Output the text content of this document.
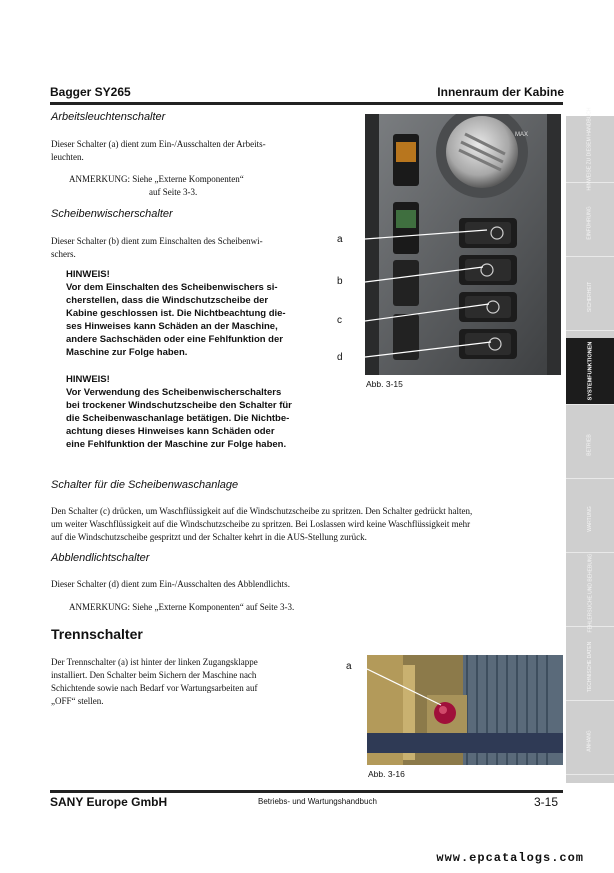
Bagger SY265	Innenraum der Kabine
Arbeitsleuchtenschalter
Dieser Schalter (a) dient zum Ein-/Ausschalten der Arbeits-
leuchten.
ANMERKUNG: Siehe „Externe Komponenten“
auf Seite 3-3.
Scheibenwischerschalter
Dieser Schalter (b) dient zum Einschalten des Scheibenwi-
schers.
HINWEIS!
Vor dem Einschalten des Scheibenwischers si-
cherstellen, dass die Windschutzscheibe der
Kabine geschlossen ist. Die Nichtbeachtung die-
ses Hinweises kann Schäden an der Maschine,
andere Sachschäden oder eine Fehlfunktion der
Maschine zur Folge haben.
HINWEIS!
Vor Verwendung des Scheibenwischerschalters
bei trockener Windschutzscheibe den Schalter für
die Scheibenwaschanlage betätigen. Die Nichtbe-
achtung dieses Hinweises kann Schäden oder
eine Fehlfunktion der Maschine zur Folge haben.
MAX
a
b
c
d
Abb. 3-15
Schalter für die Scheibenwaschanlage
Den Schalter (c) drücken, um Waschflüssigkeit auf die Windschutzscheibe zu spritzen. Den Schalter gedrückt halten,
um weiter Waschflüssigkeit auf die Windschutzscheibe zu spritzen. Bei Loslassen wird keine Waschflüssigkeit mehr
auf die Windschutzscheibe gespritzt und der Schalter kehrt in die AUS-Stellung zurück.
Abblendlichtschalter
Dieser Schalter (d) dient zum Ein-/Ausschalten des Abblendlichts.
ANMERKUNG: Siehe „Externe Komponenten“ auf Seite 3-3.
Trennschalter
Der Trennschalter (a) ist hinter der linken Zugangsklappe
installiert. Den Schalter beim Sichern der Maschine nach
Schichtende sowie nach Bedarf vor Wartungsarbeiten auf
„OFF“ stellen.
a
Abb. 3-16
HINWEISE ZU DIESEM HANDBUCH
EINFÜHRUNG
SICHERHEIT
SYSTEMFUNKTIONEN
BETRIEB
WARTUNG
FEHLERSUCHE UND BEHEBUNG
TECHNISCHE DATEN
ANHANG
SANY Europe GmbH	Betriebs- und Wartungshandbuch	3-15
www.epcatalogs.com
